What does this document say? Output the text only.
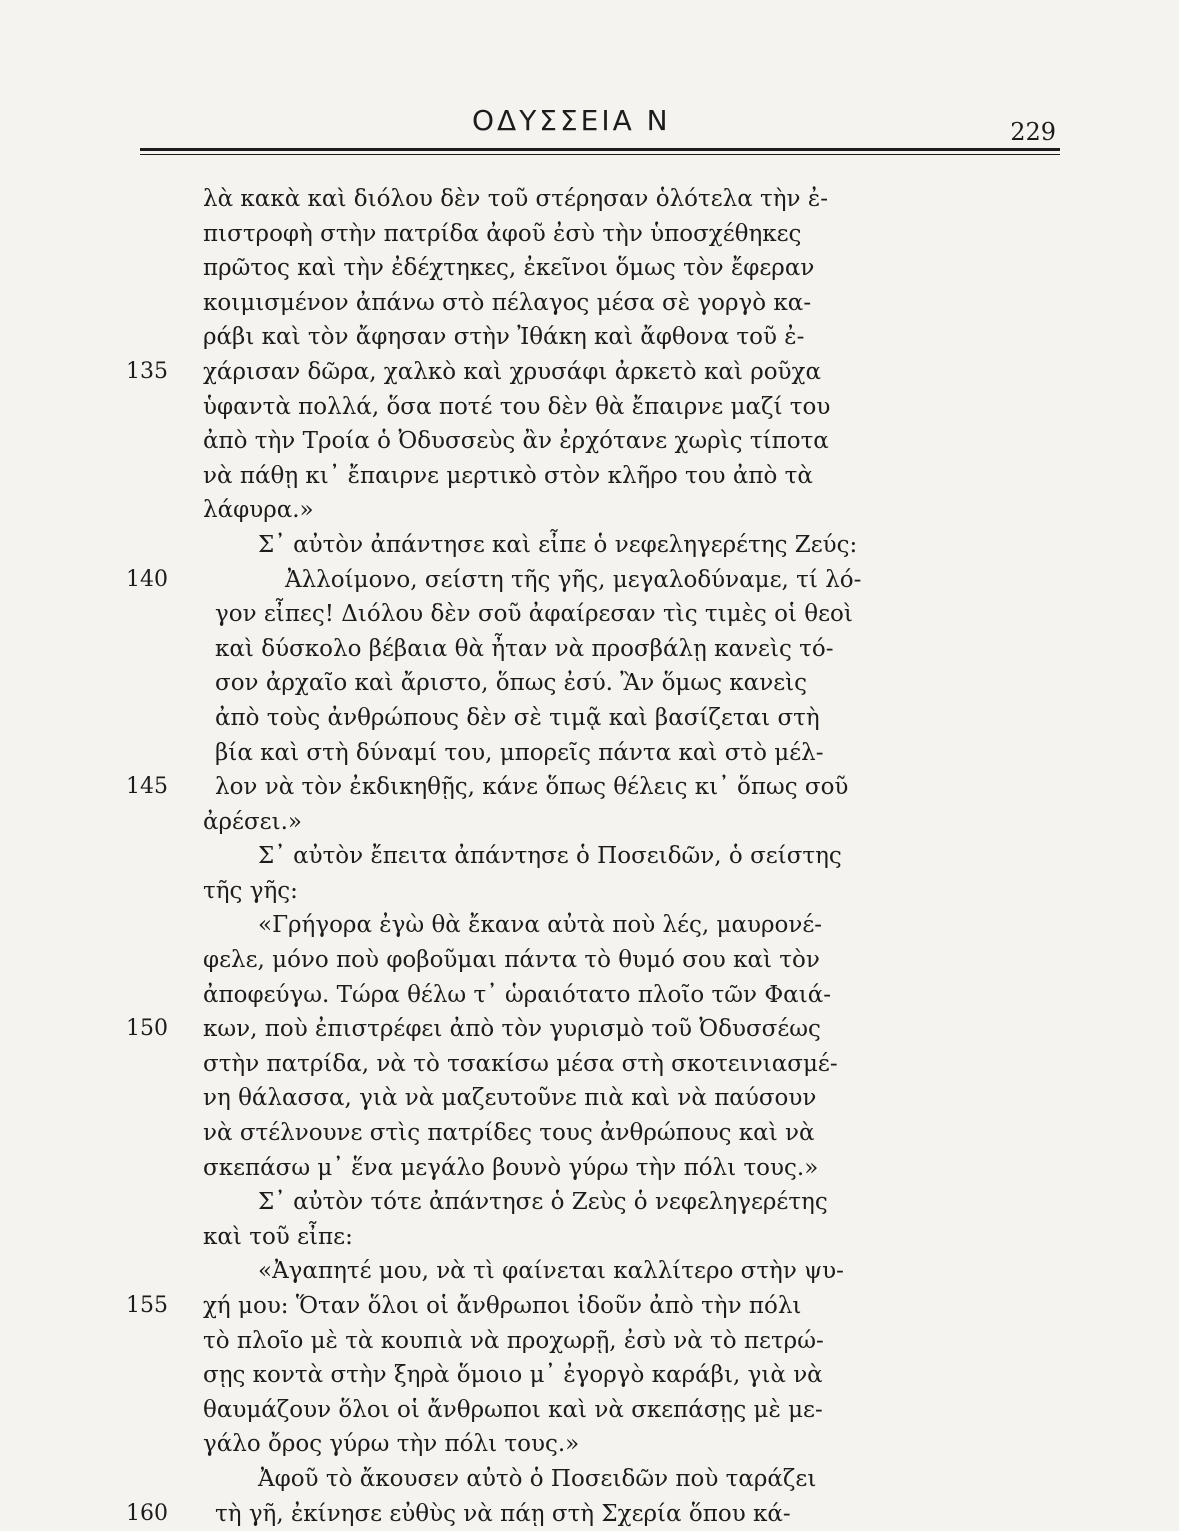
ΟΔΥΣΣΕΙΑ Ν	229
λὰ κακὰ καὶ διόλου δὲν τοῦ στέρησαν ὁλότελα τὴν ἐ-
πιστροφὴ στὴν πατρίδα ἀφοῦ ἐσὺ τὴν ὑποσχέθηκες
πρῶτος καὶ τὴν ἐδέχτηκες, ἐκεῖνοι ὅμως τὸν ἔφεραν
κοιμισμένον ἀπάνω στὸ πέλαγος μέσα σὲ γοργὸ κα-
ράβι καὶ τὸν ἄφησαν στὴν Ἰθάκη καὶ ἄφθονα τοῦ ἐ-
135 χάρισαν δῶρα, χαλκὸ καὶ χρυσάφι ἀρκετὸ καὶ ροῦχα
ὑφαντὰ πολλά, ὅσα ποτέ του δὲν θὰ ἔπαιρνε μαζί του
ἀπὸ τὴν Τροία ὁ Ὀδυσσεὺς ἂν ἐρχότανε χωρὶς τίποτα
νὰ πάθῃ κι᾿ ἔπαιρνε μερτικὸ στὸν κλῆρο του ἀπὸ τὰ
λάφυρα.»
Σ᾿ αὐτὸν ἀπάντησε καὶ εἶπε ὁ νεφεληγερέτης Ζεύς:
140	Ἀλλοίμονο, σείστη τῆς γῆς, μεγαλοδύναμε, τί λό-
γον εἶπες! Διόλου δὲν σοῦ ἀφαίρεσαν τὶς τιμὲς οἱ θεοὶ
καὶ δύσκολο βέβαια θὰ ἦταν νὰ προσβάλῃ κανεὶς τό-
σον ἀρχαῖο καὶ ἄριστο, ὅπως ἐσύ. Ἂν ὅμως κανεὶς
ἀπὸ τοὺς ἀνθρώπους δὲν σὲ τιμᾷ καὶ βασίζεται στὴ
βία καὶ στὴ δύναμί του, μπορεῖς πάντα καὶ στὸ μέλ-
145 λον νὰ τὸν ἐκδικηθῇς, κάνε ὅπως θέλεις κι᾿ ὅπως σοῦ
ἀρέσει.»
Σ᾿ αὐτὸν ἔπειτα ἀπάντησε ὁ Ποσειδῶν, ὁ σείστης
τῆς γῆς:
«Γρήγορα ἐγὼ θὰ ἔκανα αὐτὰ ποὺ λές, μαυρονέ-
φελε, μόνο ποὺ φοβοῦμαι πάντα τὸ θυμό σου καὶ τὸν
ἀποφεύγω. Τώρα θέλω τ᾿ ὡραιότατο πλοῖο τῶν Φαιά-
150 κων, ποὺ ἐπιστρέφει ἀπὸ τὸν γυρισμὸ τοῦ Ὀδυσσέως
στὴν πατρίδα, νὰ τὸ τσακίσω μέσα στὴ σκοτεινιασμέ-
νη θάλασσα, γιὰ νὰ μαζευτοῦνε πιὰ καὶ νὰ παύσουν
νὰ στέλνουνε στὶς πατρίδες τους ἀνθρώπους καὶ νὰ
σκεπάσω μ᾿ ἕνα μεγάλο βουνὸ γύρω τὴν πόλι τους.»
Σ᾿ αὐτὸν τότε ἀπάντησε ὁ Ζεὺς ὁ νεφεληγερέτης
καὶ τοῦ εἶπε:
«Ἀγαπητέ μου, νὰ τὶ φαίνεται καλλίτερο στὴν ψυ-
155 χή μου: Ὅταν ὅλοι οἱ ἄνθρωποι ἰδοῦν ἀπὸ τὴν πόλι
τὸ πλοῖο μὲ τὰ κουπιὰ νὰ προχωρῇ, ἐσὺ νὰ τὸ πετρώ-
σῃς κοντὰ στὴν ξηρὰ ὅμοιο μ᾿ ἐγοργὸ καράβι, γιὰ νὰ
θαυμάζουν ὅλοι οἱ ἄνθρωποι καὶ νὰ σκεπάσῃς μὲ με-
γάλο ὄρος γύρω τὴν πόλι τους.»
Ἀφοῦ τὸ ἄκουσεν αὐτὸ ὁ Ποσειδῶν ποὺ ταράζει
160 τὴ γῆ, ἐκίνησε εὐθὺς νὰ πάῃ στὴ Σχερία ὅπου κά-
